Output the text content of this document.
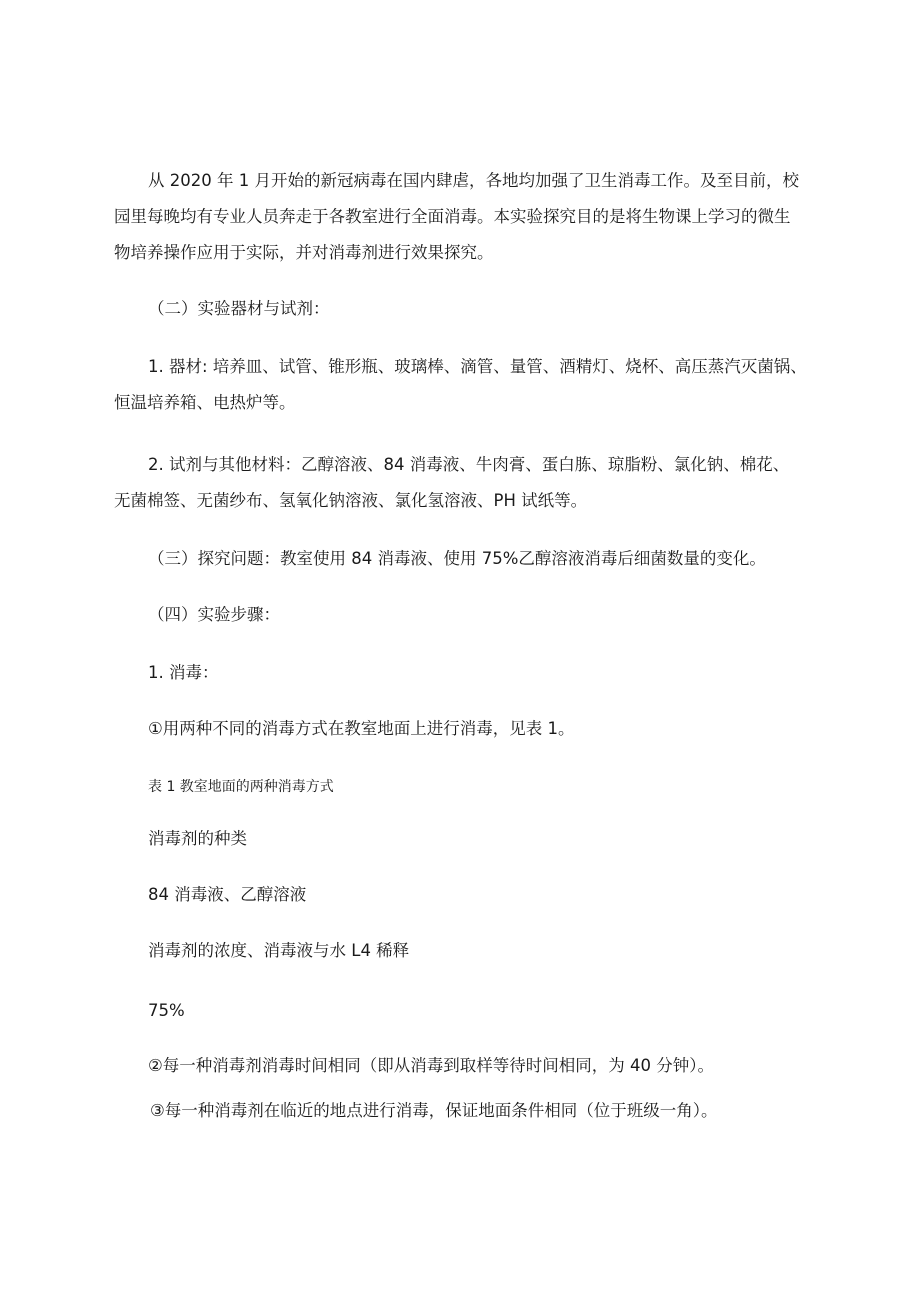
从 2020 年 1 月开始的新冠病毒在国内肆虐，各地均加强了卫生消毒工作。及至目前，校
园里每晚均有专业人员奔走于各教室进行全面消毒。本实验探究目的是将生物课上学习的微生
物培养操作应用于实际，并对消毒剂进行效果探究。
（二）实验器材与试剂：
1. 器材: 培养皿、试管、锥形瓶、玻璃棒、滴管、量管、酒精灯、烧杯、高压蒸汽灭菌锅、
恒温培养箱、电热炉等。
2. 试剂与其他材料：乙醇溶液、84 消毒液、牛肉膏、蛋白胨、琼脂粉、氯化钠、棉花、
无菌棉签、无菌纱布、氢氧化钠溶液、氯化氢溶液、PH 试纸等。
（三）探究问题：教室使用 84 消毒液、使用 75%乙醇溶液消毒后细菌数量的变化。
（四）实验步骤：
1. 消毒：
①用两种不同的消毒方式在教室地面上进行消毒，见表 1。
表 1 教室地面的两种消毒方式
消毒剂的种类
84 消毒液、乙醇溶液
消毒剂的浓度、消毒液与水 L4 稀释
75%
②每一种消毒剂消毒时间相同（即从消毒到取样等待时间相同，为 40 分钟）。
③每一种消毒剂在临近的地点进行消毒，保证地面条件相同（位于班级一角）。
